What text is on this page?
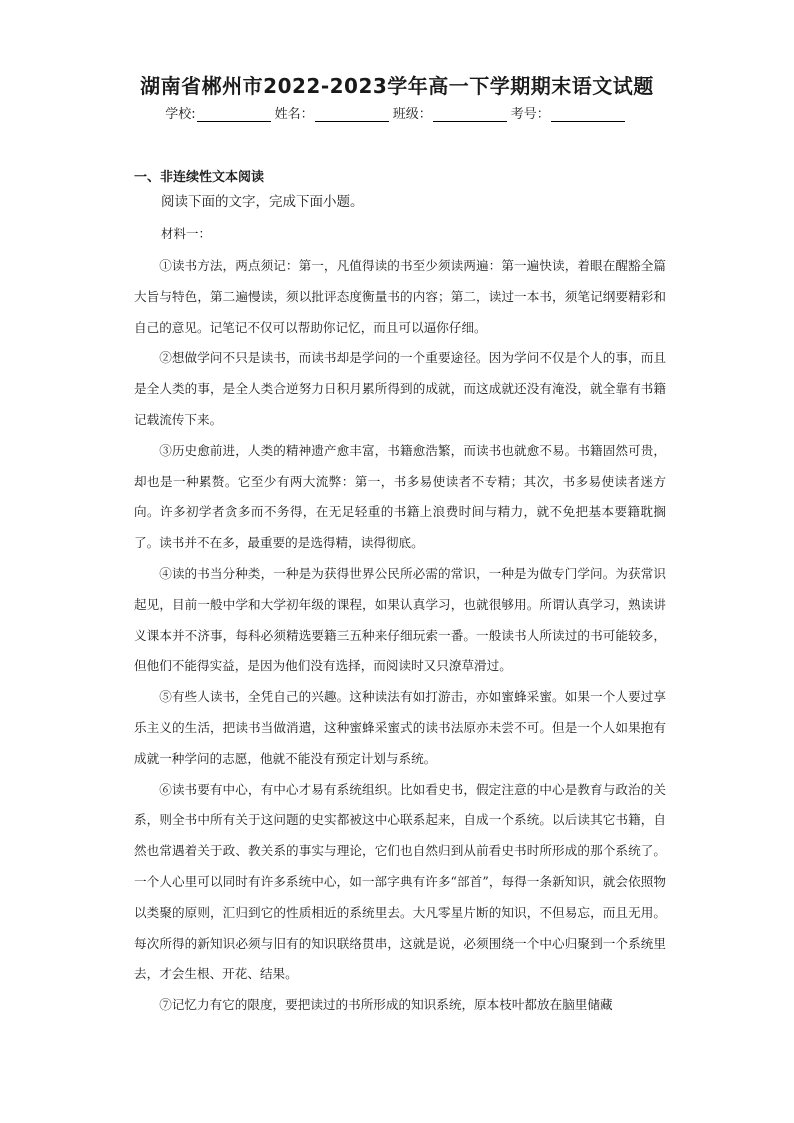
湖南省郴州市2022-2023学年高一下学期期末语文试题
学校:	姓名：	班级：	考号：
一、非连续性文本阅读
阅读下面的文字，完成下面小题。
材料一：

①读书方法，两点须记：第一，凡值得读的书至少须读两遍：第一遍快读，着眼在醒豁全篇大旨与特色，第二遍慢读，须以批评态度衡量书的内容；第二，读过一本书，须笔记纲要精彩和自己的意见。记笔记不仅可以帮助你记忆，而且可以逼你仔细。

②想做学问不只是读书，而读书却是学问的一个重要途径。因为学问不仅是个人的事，而且是全人类的事，是全人类合逆努力日积月累所得到的成就，而这成就还没有淹没，就全靠有书籍记载流传下来。

③历史愈前进，人类的精神遗产愈丰富，书籍愈浩繁，而读书也就愈不易。书籍固然可贵，却也是一种累赘。它至少有两大流弊：第一，书多易使读者不专精；其次，书多易使读者迷方向。许多初学者贪多而不务得，在无足轻重的书籍上浪费时间与精力，就不免把基本要籍耽搁了。读书并不在多，最重要的是选得精，读得彻底。

④读的书当分种类，一种是为获得世界公民所必需的常识，一种是为做专门学问。为获常识起见，目前一般中学和大学初年级的课程，如果认真学习，也就很够用。所谓认真学习，熟读讲义课本并不济事，每科必须精选要籍三五种来仔细玩索一番。一般读书人所读过的书可能较多，但他们不能得实益，是因为他们没有选择，而阅读时又只潦草滑过。

⑤有些人读书，全凭自己的兴趣。这种读法有如打游击，亦如蜜蜂采蜜。如果一个人要过享乐主义的生活，把读书当做消遣，这种蜜蜂采蜜式的读书法原亦未尝不可。但是一个人如果抱有成就一种学问的志愿，他就不能没有预定计划与系统。

⑥读书要有中心，有中心才易有系统组织。比如看史书，假定注意的中心是教育与政治的关系，则全书中所有关于这问题的史实都被这中心联系起来，自成一个系统。以后读其它书籍，自然也常遇着关于政、教关系的事实与理论，它们也自然归到从前看史书时所形成的那个系统了。一个人心里可以同时有许多系统中心，如一部字典有许多“部首”，每得一条新知识，就会依照物以类聚的原则，汇归到它的性质相近的系统里去。大凡零星片断的知识，不但易忘，而且无用。每次所得的新知识必须与旧有的知识联络贯串，这就是说，必须围绕一个中心归聚到一个系统里去，才会生根、开花、结果。

⑦记忆力有它的限度，要把读过的书所形成的知识系统，原本枝叶都放在脑里储藏
